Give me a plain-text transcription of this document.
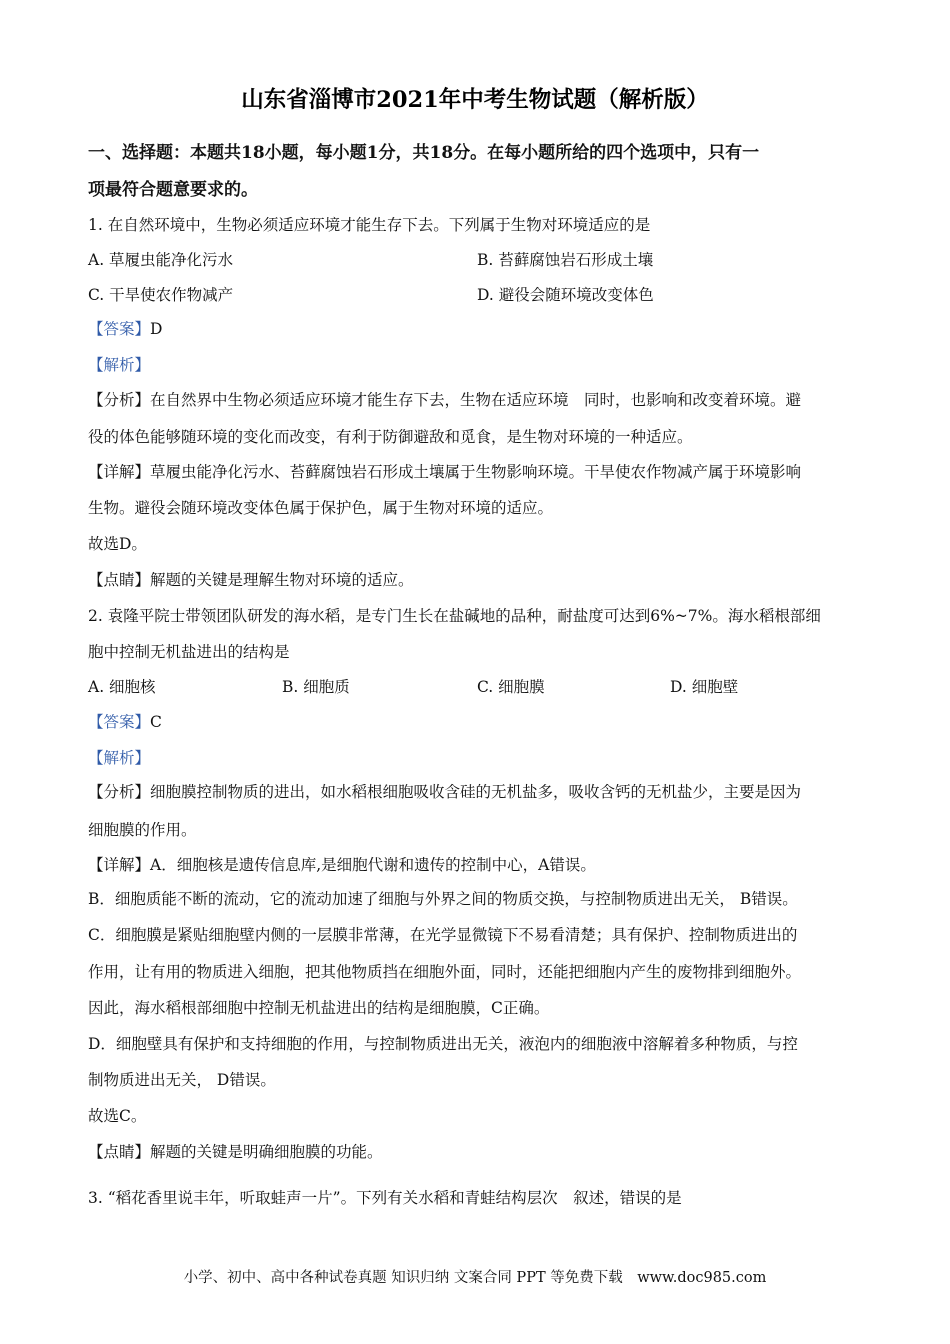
山东省淄博市2021年中考生物试题（解析版）

一、选择题：本题共18小题，每小题1分，共18分。在每小题所给的四个选项中，只有一

项最符合题意要求的。

1. 在自然环境中，生物必须适应环境才能生存下去。下列属于生物对环境适应的是

A. 草履虫能净化污水	B. 苔藓腐蚀岩石形成土壤

C. 干旱使农作物减产	D. 避役会随环境改变体色

【答案】D

【解析】

【分析】在自然界中生物必须适应环境才能生存下去，生物在适应环境　同时，也影响和改变着环境。避

役的体色能够随环境的变化而改变，有利于防御避敌和觅食，是生物对环境的一种适应。

【详解】草履虫能净化污水、苔藓腐蚀岩石形成土壤属于生物影响环境。干旱使农作物减产属于环境影响

生物。避役会随环境改变体色属于保护色，属于生物对环境的适应。

故选D。

【点睛】解题的关键是理解生物对环境的适应。

2. 袁隆平院士带领团队研发的海水稻，是专门生长在盐碱地的品种，耐盐度可达到6%~7%。海水稻根部细

胞中控制无机盐进出的结构是

A. 细胞核	B. 细胞质	C. 细胞膜	D. 细胞壁

【答案】C

【解析】

【分析】细胞膜控制物质的进出，如水稻根细胞吸收含硅的无机盐多，吸收含钙的无机盐少，主要是因为

细胞膜的作用。

【详解】A．细胞核是遗传信息库,是细胞代谢和遗传的控制中心，A错误。

B．细胞质能不断的流动，它的流动加速了细胞与外界之间的物质交换，与控制物质进出无关， B错误。

C．细胞膜是紧贴细胞壁内侧的一层膜非常薄，在光学显微镜下不易看清楚；具有保护、控制物质进出的

作用，让有用的物质进入细胞，把其他物质挡在细胞外面，同时，还能把细胞内产生的废物排到细胞外。

因此，海水稻根部细胞中控制无机盐进出的结构是细胞膜，C正确。

D．细胞壁具有保护和支持细胞的作用，与控制物质进出无关，液泡内的细胞液中溶解着多种物质，与控

制物质进出无关， D错误。

故选C。

【点睛】解题的关键是明确细胞膜的功能。

3. “稻花香里说丰年，听取蛙声一片”。下列有关水稻和青蛙结构层次　叙述，错误的是

小学、初中、高中各种试卷真题 知识归纳 文案合同 PPT 等免费下载　www.doc985.com
